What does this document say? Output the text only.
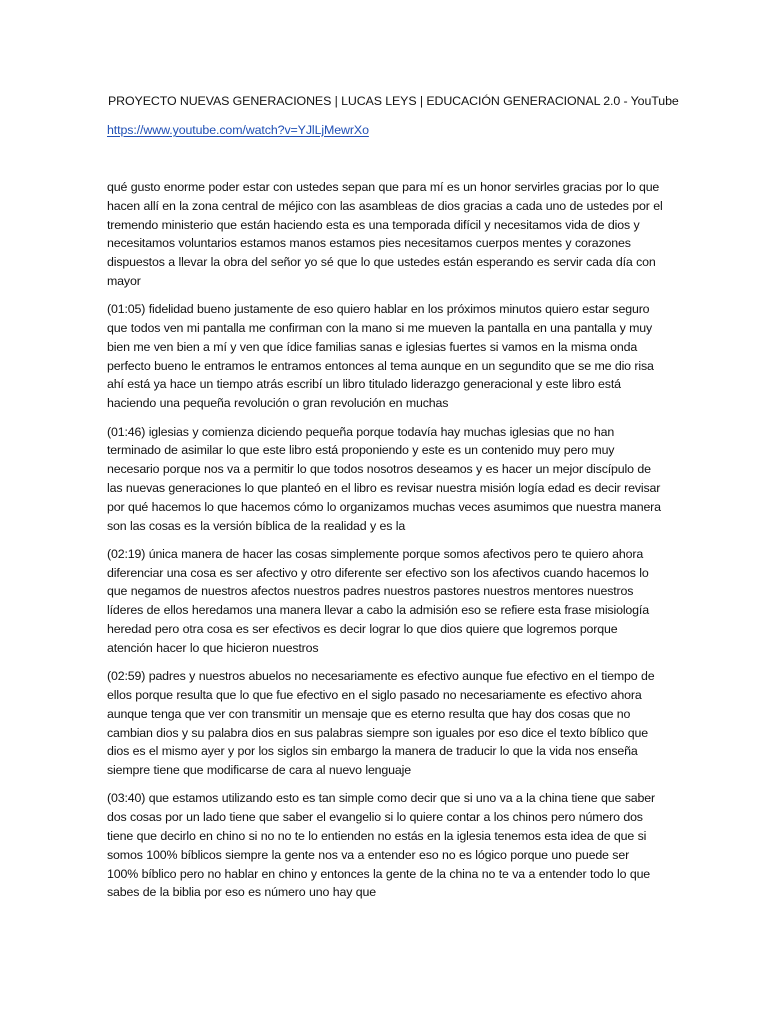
PROYECTO NUEVAS GENERACIONES | LUCAS LEYS | EDUCACIÓN GENERACIONAL 2.0 - YouTube
https://www.youtube.com/watch?v=YJlLjMewrXo

qué gusto enorme poder estar con ustedes sepan que para mí es un honor servirles gracias por lo que hacen allí en la zona central de méjico con las asambleas de dios gracias a cada uno de ustedes por el tremendo ministerio que están haciendo esta es una temporada difícil y necesitamos vida de dios y necesitamos voluntarios estamos manos estamos pies necesitamos cuerpos mentes y corazones dispuestos a llevar la obra del señor yo sé que lo que ustedes están esperando es servir cada día con mayor

(01:05) fidelidad bueno justamente de eso quiero hablar en los próximos minutos quiero estar seguro que todos ven mi pantalla me confirman con la mano si me mueven la pantalla en una pantalla y muy bien me ven bien a mí y ven que ídice familias sanas e iglesias fuertes si vamos en la misma onda perfecto bueno le entramos le entramos entonces al tema aunque en un segundito que se me dio risa ahí está ya hace un tiempo atrás escribí un libro titulado liderazgo generacional y este libro está haciendo una pequeña revolución o gran revolución en muchas

(01:46) iglesias y comienza diciendo pequeña porque todavía hay muchas iglesias que no han terminado de asimilar lo que este libro está proponiendo y este es un contenido muy pero muy necesario porque nos va a permitir lo que todos nosotros deseamos y es hacer un mejor discípulo de las nuevas generaciones lo que planteó en el libro es revisar nuestra misión logía edad es decir revisar por qué hacemos lo que hacemos cómo lo organizamos muchas veces asumimos que nuestra manera son las cosas es la versión bíblica de la realidad y es la

(02:19) única manera de hacer las cosas simplemente porque somos afectivos pero te quiero ahora diferenciar una cosa es ser afectivo y otro diferente ser efectivo son los afectivos cuando hacemos lo que negamos de nuestros afectos nuestros padres nuestros pastores nuestros mentores nuestros líderes de ellos heredamos una manera llevar a cabo la admisión eso se refiere esta frase misiología heredad pero otra cosa es ser efectivos es decir lograr lo que dios quiere que logremos porque atención hacer lo que hicieron nuestros

(02:59) padres y nuestros abuelos no necesariamente es efectivo aunque fue efectivo en el tiempo de ellos porque resulta que lo que fue efectivo en el siglo pasado no necesariamente es efectivo ahora aunque tenga que ver con transmitir un mensaje que es eterno resulta que hay dos cosas que no cambian dios y su palabra dios en sus palabras siempre son iguales por eso dice el texto bíblico que dios es el mismo ayer y por los siglos sin embargo la manera de traducir lo que la vida nos enseña siempre tiene que modificarse de cara al nuevo lenguaje

(03:40) que estamos utilizando esto es tan simple como decir que si uno va a la china tiene que saber dos cosas por un lado tiene que saber el evangelio si lo quiere contar a los chinos pero número dos tiene que decirlo en chino si no no te lo entienden no estás en la iglesia tenemos esta idea de que si somos 100% bíblicos siempre la gente nos va a entender eso no es lógico porque uno puede ser 100% bíblico pero no hablar en chino y entonces la gente de la china no te va a entender todo lo que sabes de la biblia por eso es número uno hay que
